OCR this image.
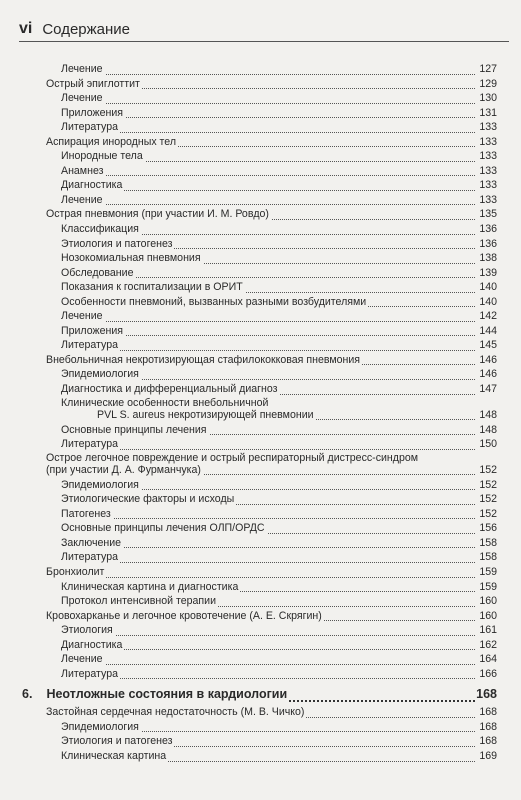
vi Содержание
Лечение	127
Острый эпиглоттит	129
Лечение	130
Приложения	131
Литература	133
Аспирация инородных тел	133
Инородные тела	133
Анамнез	133
Диагностика	133
Лечение	133
Острая пневмония (при участии И. М. Ровдо)	135
Классификация	136
Этиология и патогенез	136
Нозокомиальная пневмония	138
Обследование	139
Показания к госпитализации в ОРИТ	140
Особенности пневмоний, вызванных разными возбудителями	140
Лечение	142
Приложения	144
Литература	145
Внебольничная некротизирующая стафилококковая пневмония	146
Эпидемиология	146
Диагностика и дифференциальный диагноз	147
Клинические особенности внебольничной
PVL S. aureus некротизирующей пневмонии	148
Основные принципы лечения	148
Литература	150
Острое легочное повреждение и острый респираторный дистресс-синдром
(при участии Д. А. Фурманчука)	152
Эпидемиология	152
Этиологические факторы и исходы	152
Патогенез	152
Основные принципы лечения ОЛП/ОРДС	156
Заключение	158
Литература	158
Бронхиолит	159
Клиническая картина и диагностика	159
Протокол интенсивной терапии	160
Кровохарканье и легочное кровотечение (А. Е. Скрягин)	160
Этиология	161
Диагностика	162
Лечение	164
Литература	166
6. Неотложные состояния в кардиологии	168
Застойная сердечная недостаточность (М. В. Чичко)	168
Эпидемиология	168
Этиология и патогенез	168
Клиническая картина	169
